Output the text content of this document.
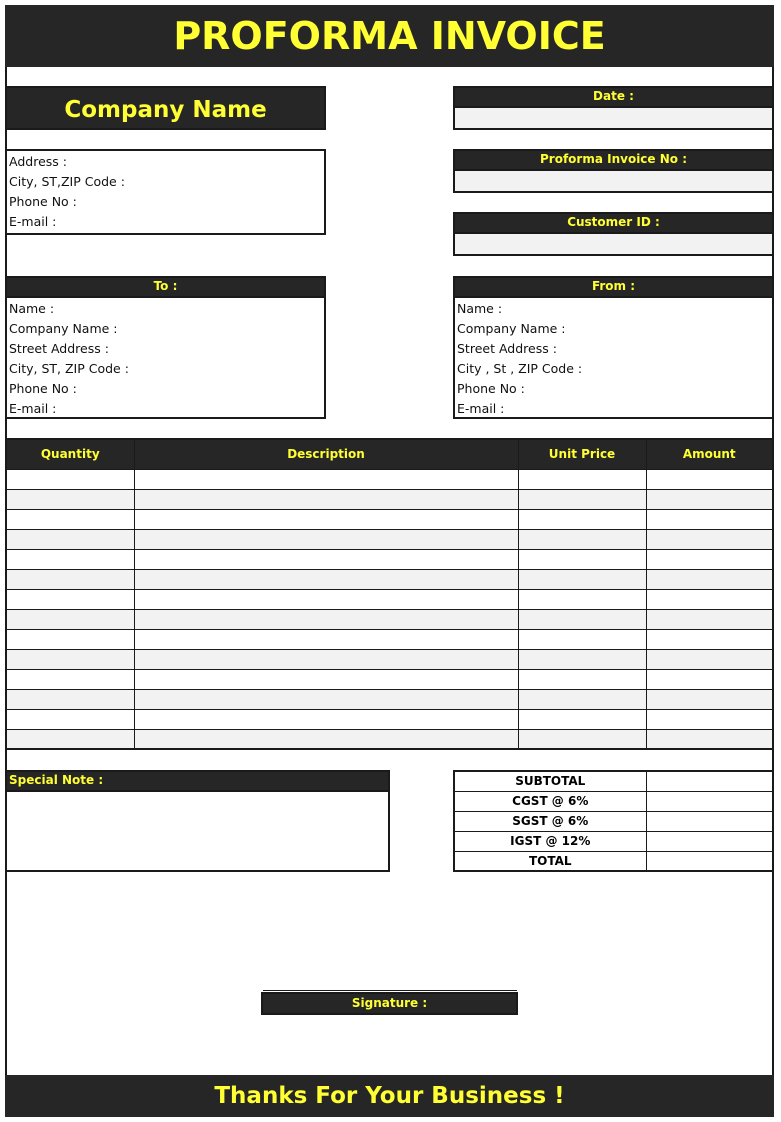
PROFORMA INVOICE
Company Name
Address :
City, ST,ZIP Code :
Phone No :
E-mail :
Date :
Proforma Invoice No :
Customer ID :
To :
Name :
Company Name :
Street Address :
City, ST, ZIP Code :
Phone No :
E-mail :
From :
Name :
Company Name :
Street Address :
City , St , ZIP Code :
Phone No :
E-mail :
Quantity	Description	Unit Price	Amount

Special Note :	SUBTOTAL	
CGST @ 6%	
SGST @ 6%	
IGST @ 12%	
TOTAL	
Signature :
Thanks For Your Business !
